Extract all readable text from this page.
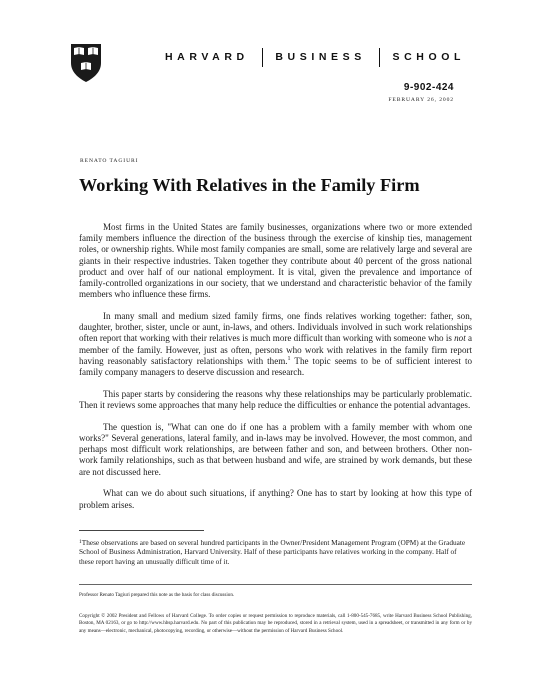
HARVARD	BUSINESS	SCHOOL
9-902-424
FEBRUARY 26, 2002
RENATO TAGIURI
Working With Relatives in the Family Firm

Most firms in the United States are family businesses, organizations where two or more extended family members influence the direction of the business through the exercise of kinship ties, management roles, or ownership rights. While most family companies are small, some are relatively large and several are giants in their respective industries. Taken together they contribute about 40 percent of the gross national product and over half of our national employment. It is vital, given the prevalence and importance of family-controlled organizations in our society, that we understand and characteristic behavior of the family members who influence these firms.

In many small and medium sized family firms, one finds relatives working together: father, son, daughter, brother, sister, uncle or aunt, in-laws, and others. Individuals involved in such work relationships often report that working with their relatives is much more difficult than working with someone who is not a member of the family. However, just as often, persons who work with relatives in the family firm report having reasonably satisfactory relationships with them.$^1$ The topic seems to be of sufficient interest to family company managers to deserve discussion and research.

This paper starts by considering the reasons why these relationships may be particularly problematic. Then it reviews some approaches that many help reduce the difficulties or enhance the potential advantages.

The question is, "What can one do if one has a problem with a family member with whom one works?" Several generations, lateral family, and in-laws may be involved. However, the most common, and perhaps most difficult work relationships, are between father and son, and between brothers. Other non-work family relationships, such as that between husband and wife, are strained by work demands, but these are not discussed here.

What can we do about such situations, if anything? One has to start by looking at how this type of problem arises.

$^1$These observations are based on several hundred participants in the Owner/President Management Program (OPM) at the Graduate School of Business Administration, Harvard University. Half of these participants have relatives working in the company. Half of these report having an unusually difficult time of it.

Professor Renato Tagiuri prepared this note as the basis for class discussion.

Copyright © 2002 President and Fellows of Harvard College. To order copies or request permission to reproduce materials, call 1-800-545-7685, write Harvard Business School Publishing, Boston, MA 02163, or go to http://www.hbsp.harvard.edu. No part of this publication may be reproduced, stored in a retrieval system, used in a spreadsheet, or transmitted in any form or by any means—electronic, mechanical, photocopying, recording, or otherwise—without the permission of Harvard Business School.
